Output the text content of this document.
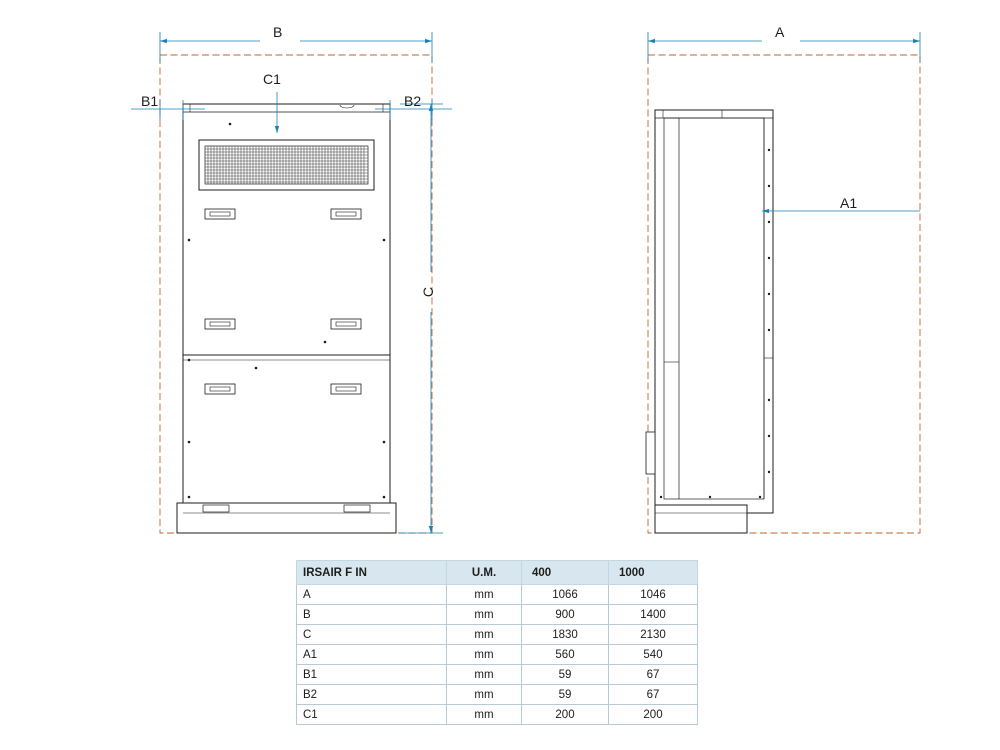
B
C1
B1	B2
C
A
A1
IRSAIR F IN	U.M.	400	1000
A	mm	1066	1046
B	mm	900	1400
C	mm	1830	2130
A1	mm	560	540
B1	mm	59	67
B2	mm	59	67
C1	mm	200	200
